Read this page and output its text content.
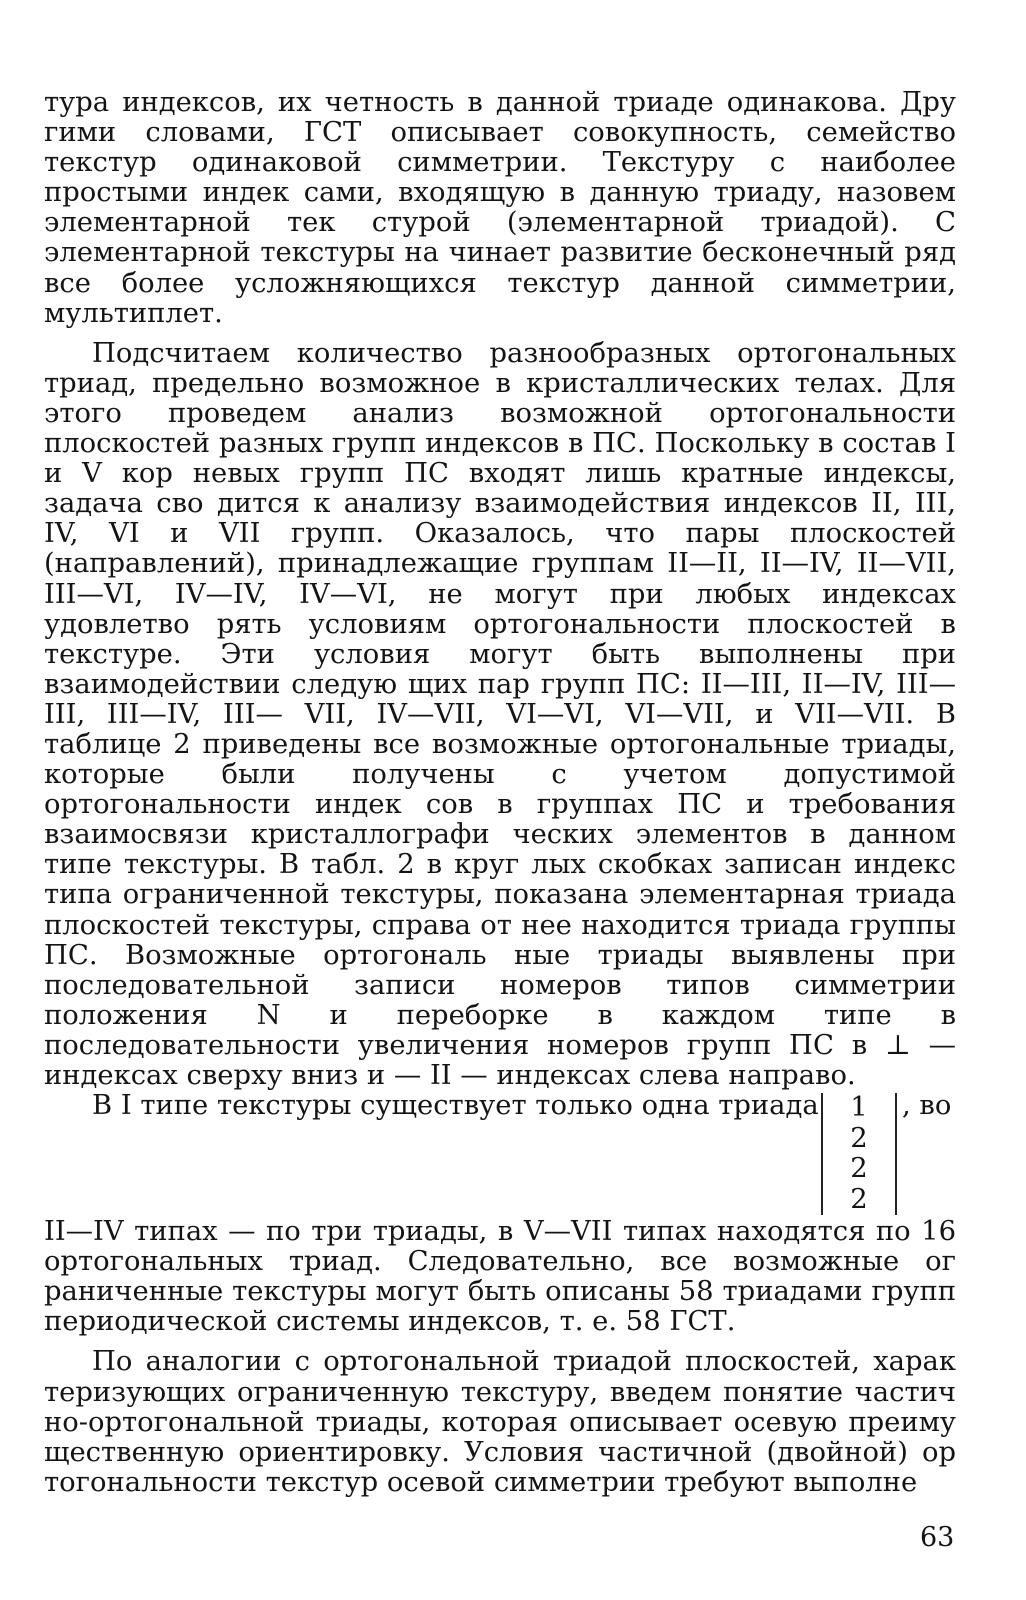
тура индексов, их четность в данной триаде одинакова. Дру гими словами, ГСТ описывает совокупность, семейство текстур одинаковой симметрии. Текстуру с наиболее простыми индек сами, входящую в данную триаду, назовем элементарной тек стурой (элементарной триадой). С элементарной текстуры на чинает развитие бесконечный ряд все более усложняющихся текстур данной симметрии, мультиплет.

Подсчитаем количество разнообразных ортогональных триад, предельно возможное в кристаллических телах. Для этого проведем анализ возможной ортогональности плоскостей разных групп индексов в ПС. Поскольку в состав I и V кор невых групп ПС входят лишь кратные индексы, задача сво дится к анализу взаимодействия индексов II, III, IV, VI и VII групп. Оказалось, что пары плоскостей (направлений), принадлежащие группам II—II, II—IV, II—VII, III—VI, IV—IV, IV—VI, не могут при любых индексах удовлетво рять условиям ортогональности плоскостей в текстуре. Эти условия могут быть выполнены при взаимодействии следую щих пар групп ПС: II—III, II—IV, III—III, III—IV, III— VII, IV—VII, VI—VI, VI—VII, и VII—VII. В таблице 2 приведены все возможные ортогональные триады, которые были получены с учетом допустимой ортогональности индек сов в группах ПС и требования взаимосвязи кристаллографи ческих элементов в данном типе текстуры. В табл. 2 в круг лых скобках записан индекс типа ограниченной текстуры, показана элементарная триада плоскостей текстуры, справа от нее находится триада группы ПС. Возможные ортогональ ные триады выявлены при последовательной записи номеров типов симметрии положения N и переборке в каждом типе в последовательности увеличения номеров групп ПС в ⊥ — индексах сверху вниз и — II — индексах слева направо.

В I типе текстуры существует только одна триада	1
2
2
2
, во

II—IV типах — по три триады, в V—VII типах находятся по 16 ортогональных триад. Следовательно, все возможные ог раниченные текстуры могут быть описаны 58 триадами групп периодической системы индексов, т. е. 58 ГСТ.

По аналогии с ортогональной триадой плоскостей, харак теризующих ограниченную текстуру, введем понятие частич но-ортогональной триады, которая описывает осевую преиму щественную ориентировку. Условия частичной (двойной) ор тогональности текстур осевой симметрии требуют выполне

63
